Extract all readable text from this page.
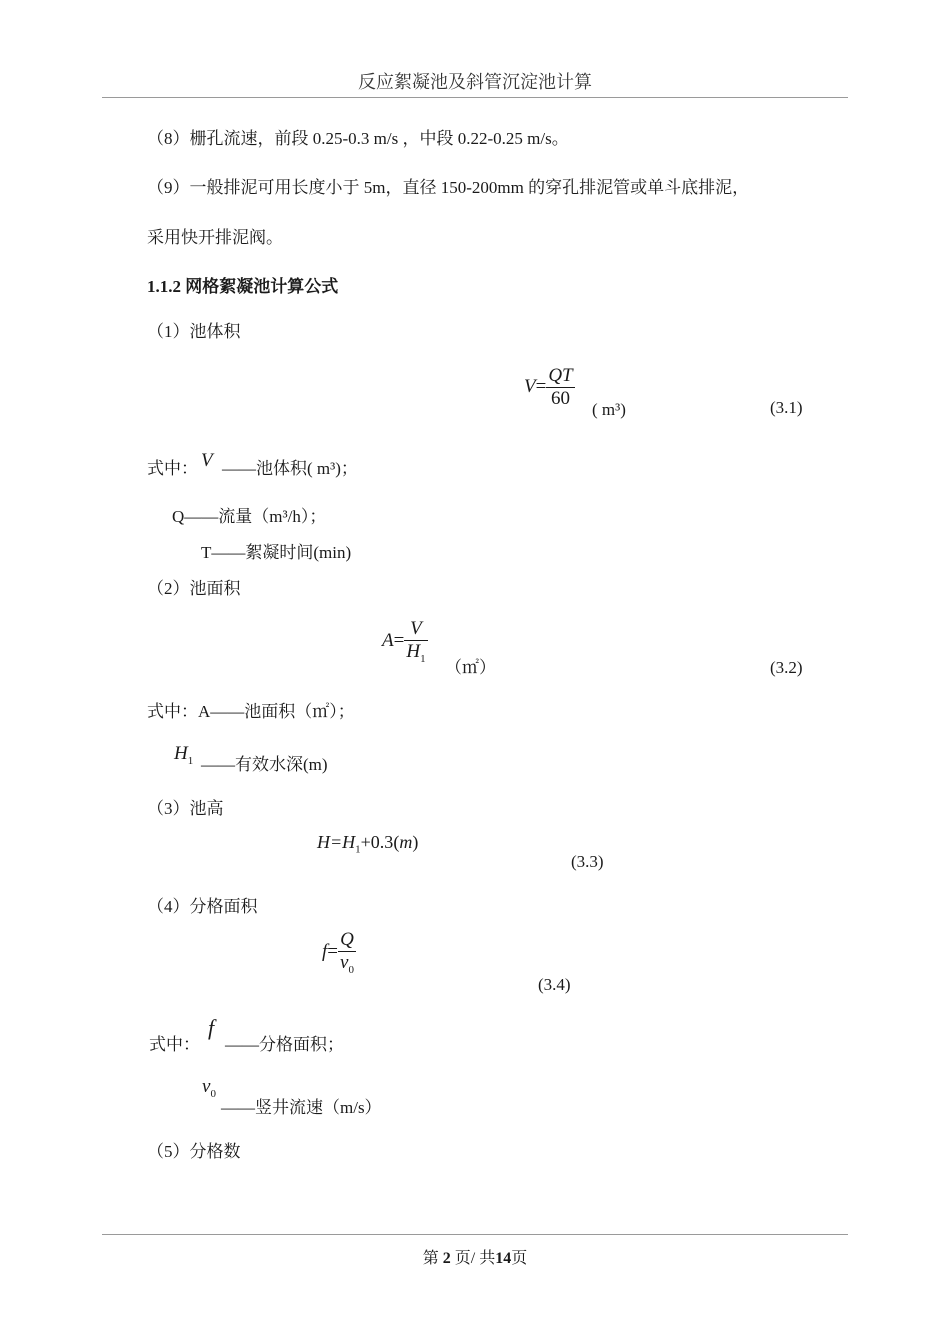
反应絮凝池及斜管沉淀池计算
（8）栅孔流速，前段 0.25-0.3 m/s ，中段 0.22-0.25 m/s。
（9）一般排泥可用长度小于 5m，直径 150-200mm 的穿孔排泥管或单斗底排泥，
采用快开排泥阀。
1.1.2 网格絮凝池计算公式
（1）池体积
$V= \frac{QT}{60}$ ( m³)	(3.1)
式中： V ——池体积( m³)；
Q——流量（m³/h）；
T——絮凝时间(min)
（2）池面积
$A= \frac{V}{H_1}$
（㎡）	(3.2)
式中：A——池面积（㎡）；
$H_1$ ——有效水深(m)
（3）池高
$H=H_1+0.3(m)$
(3.3)
（4）分格面积
$f= \frac{Q}{v_0}$
(3.4)
式中：
f
——分格面积；
$v_0$
——竖井流速（m/s）
（5）分格数
第 2 页/ 共14页
